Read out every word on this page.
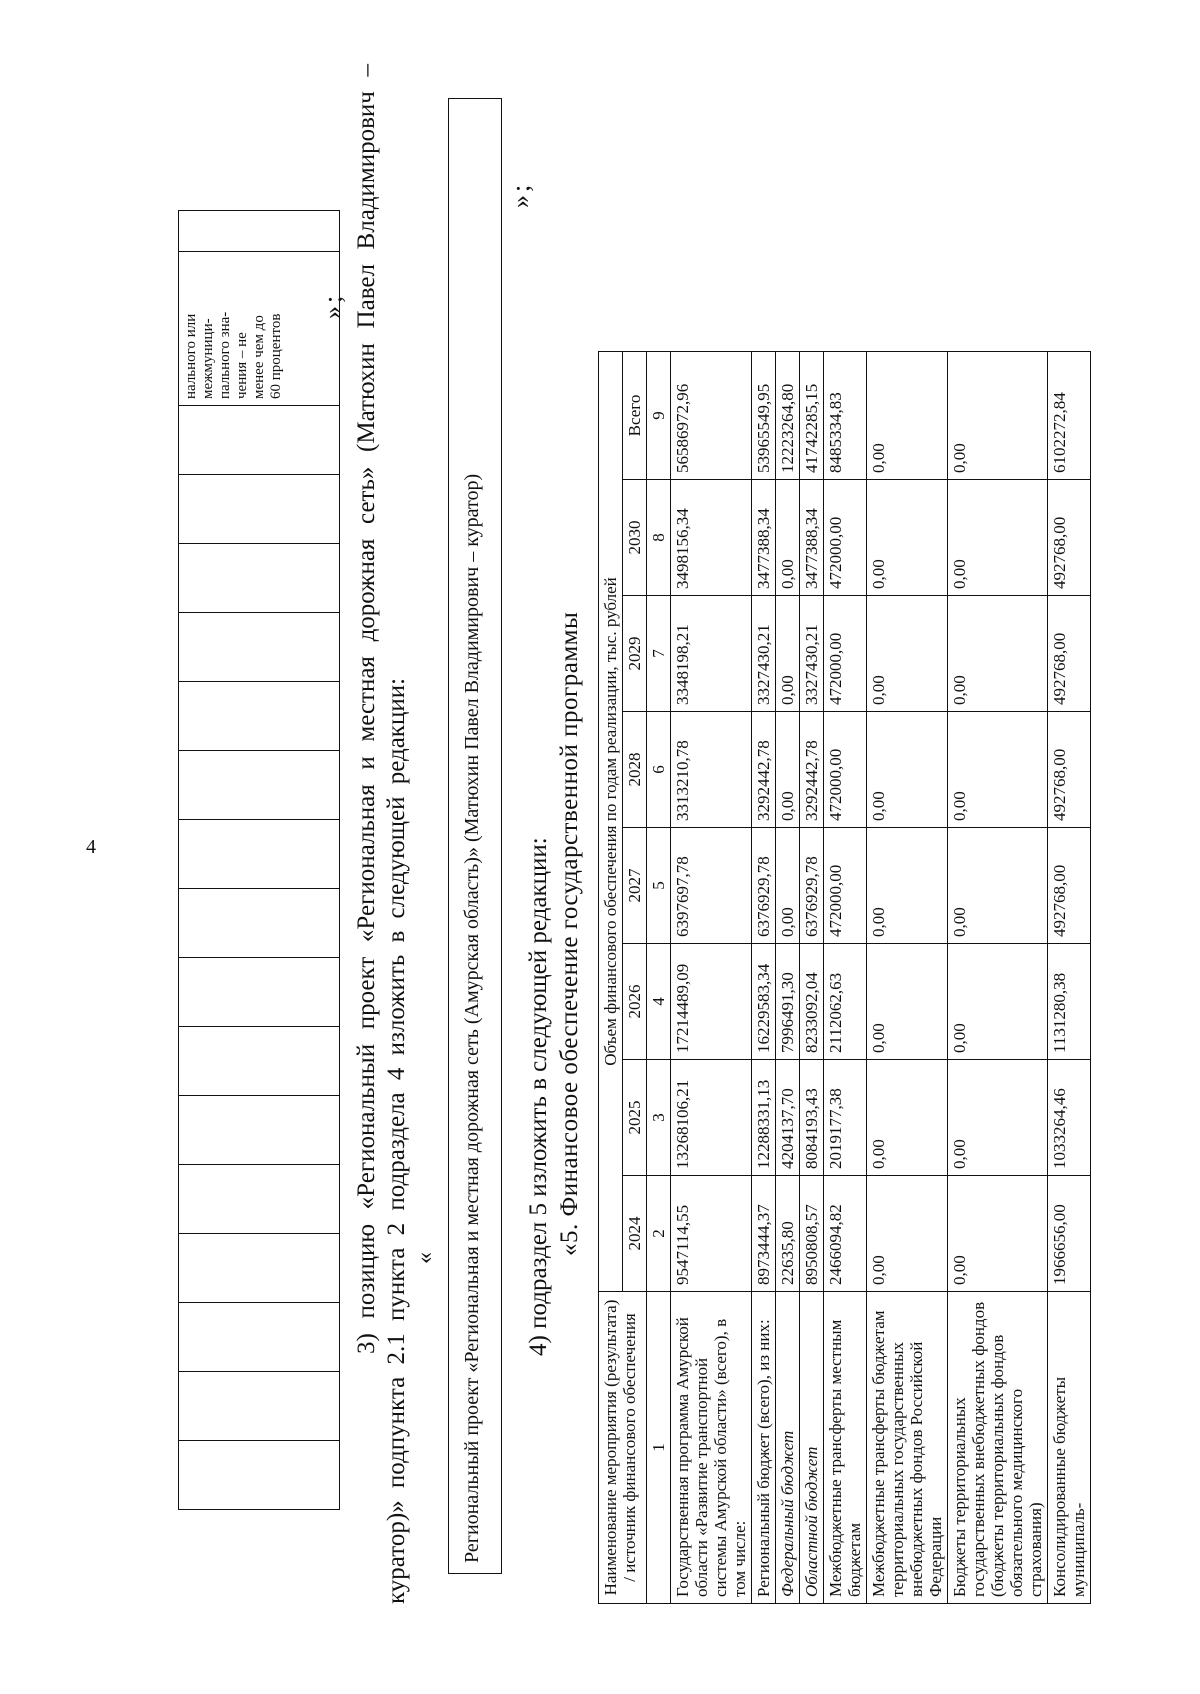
4

нального или межмуници- пального зна- чения – не менее чем до 60 процентов

»; 3) позицию «Региональный проект «Региональная и местная дорожная сеть» (Матюхин Павел Владимирович – куратор)» подпункта 2.1 пункта 2 подраздела 4 изложить в следующей редакции: «	Региональный проект «Региональная и местная дорожная сеть (Амурская область)» (Матюхин Павел Владимирович – куратор)
»;
4) подраздел 5 изложить в следующей редакции: «5. Финансовое обеспечение государственной программы
Наименование мероприятия (результата) / источник финансового обеспечения	Объем финансового обеспечения по годам реализации, тыс. рублей							
	2024	2025	2026	2027	2028	2029	2030	Всего
1	2	3	4	5	6	7	8	9
Государственная программа Амурской области «Развитие транспортной системы Амурской области» (всего), в том числе:	9547114,55	13268106,21	17214489,09	6397697,78	3313210,78	3348198,21	3498156,34	56586972,96
Региональный бюджет (всего), из них:	8973444,37	12288331,13	16229583,34	6376929,78	3292442,78	3327430,21	3477388,34	53965549,95
Федеральный бюджет	22635,80	4204137,70	7996491,30	0,00	0,00	0,00	0,00	12223264,80
Областной бюджет	8950808,57	8084193,43	8233092,04	6376929,78	3292442,78	3327430,21	3477388,34	41742285,15
Межбюджетные трансферты местным бюджетам	2466094,82	2019177,38	2112062,63	472000,00	472000,00	472000,00	472000,00	8485334,83
Межбюджетные трансферты бюджетам территориальных государственных внебюджетных фондов Российской Федерации	0,00	0,00	0,00	0,00	0,00	0,00	0,00	0,00
Бюджеты территориальных государственных внебюджетных фондов (бюджеты территориальных фондов обязательного медицинского страхования)	0,00	0,00	0,00	0,00	0,00	0,00	0,00	0,00
Консолидированные бюджеты муниципаль-	1966656,00	1033264,46	1131280,38	492768,00	492768,00	492768,00	492768,00	6102272,84
